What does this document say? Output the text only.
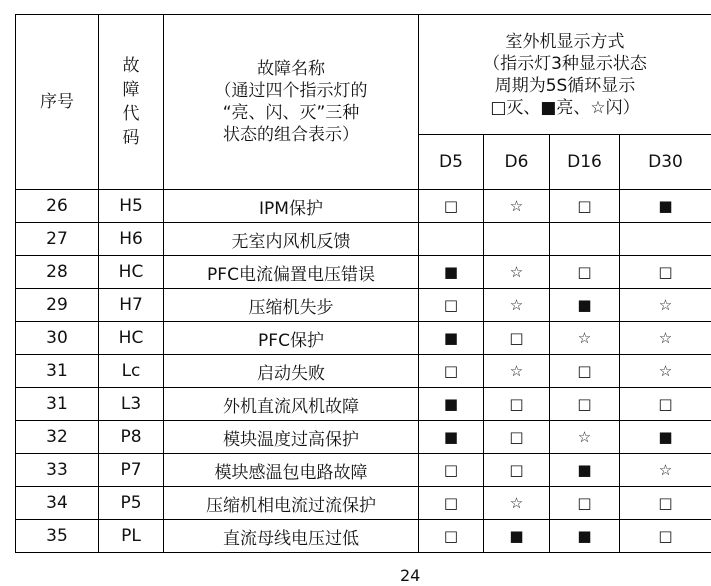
序号	故
障
代
码	故障名称
（通过四个指示灯的
“亮、闪、灭”三种
状态的组合表示）	室外机显示方式
（指示灯3种显示状态
周期为5S循环显示
□灭、■亮、☆闪）			

			D5	D6	D16	D30
26	H5	IPM保护	□	☆	□	■
27	H6	无室内风机反馈				
28	HC	PFC电流偏置电压错误	■	☆	□	□
29	H7	压缩机失步	□	☆	■	☆
30	HC	PFC保护	■	□	☆	☆
31	Lc	启动失败	□	☆	□	☆
31	L3	外机直流风机故障	■	□	□	□
32	P8	模块温度过高保护	■	□	☆	■
33	P7	模块感温包电路故障	□	□	■	☆
34	P5	压缩机相电流过流保护	□	☆	□	□
35	PL	直流母线电压过低	□	■	■	□
24
